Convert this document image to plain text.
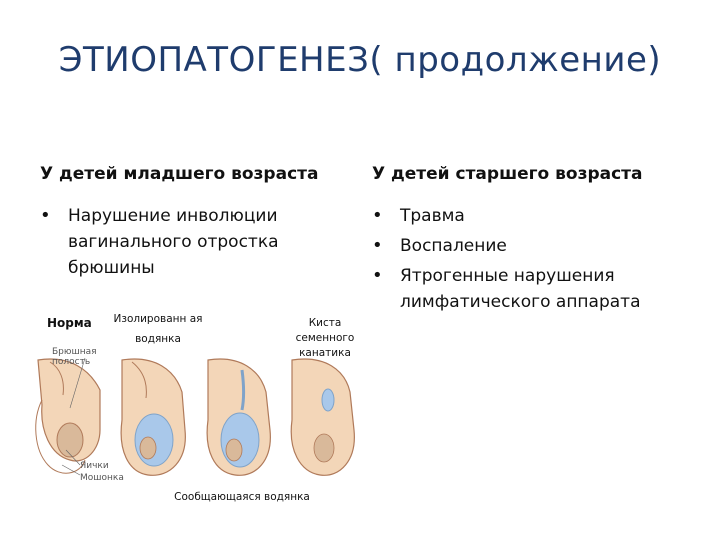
ЭТИОПАТОГЕНЕЗ( продолжение)
У детей младшего возраста
• Нарушение инволюции вагинального отростка брюшины
У детей старшего возраста
• Травма
• Воспаление
• Ятрогенные нарушения лимфатического аппарата
Норма Изолированн ая водянка
Киста семенного канатика
Сообщающаяся водянка
Брюшная полость
Яички
Мошонка
